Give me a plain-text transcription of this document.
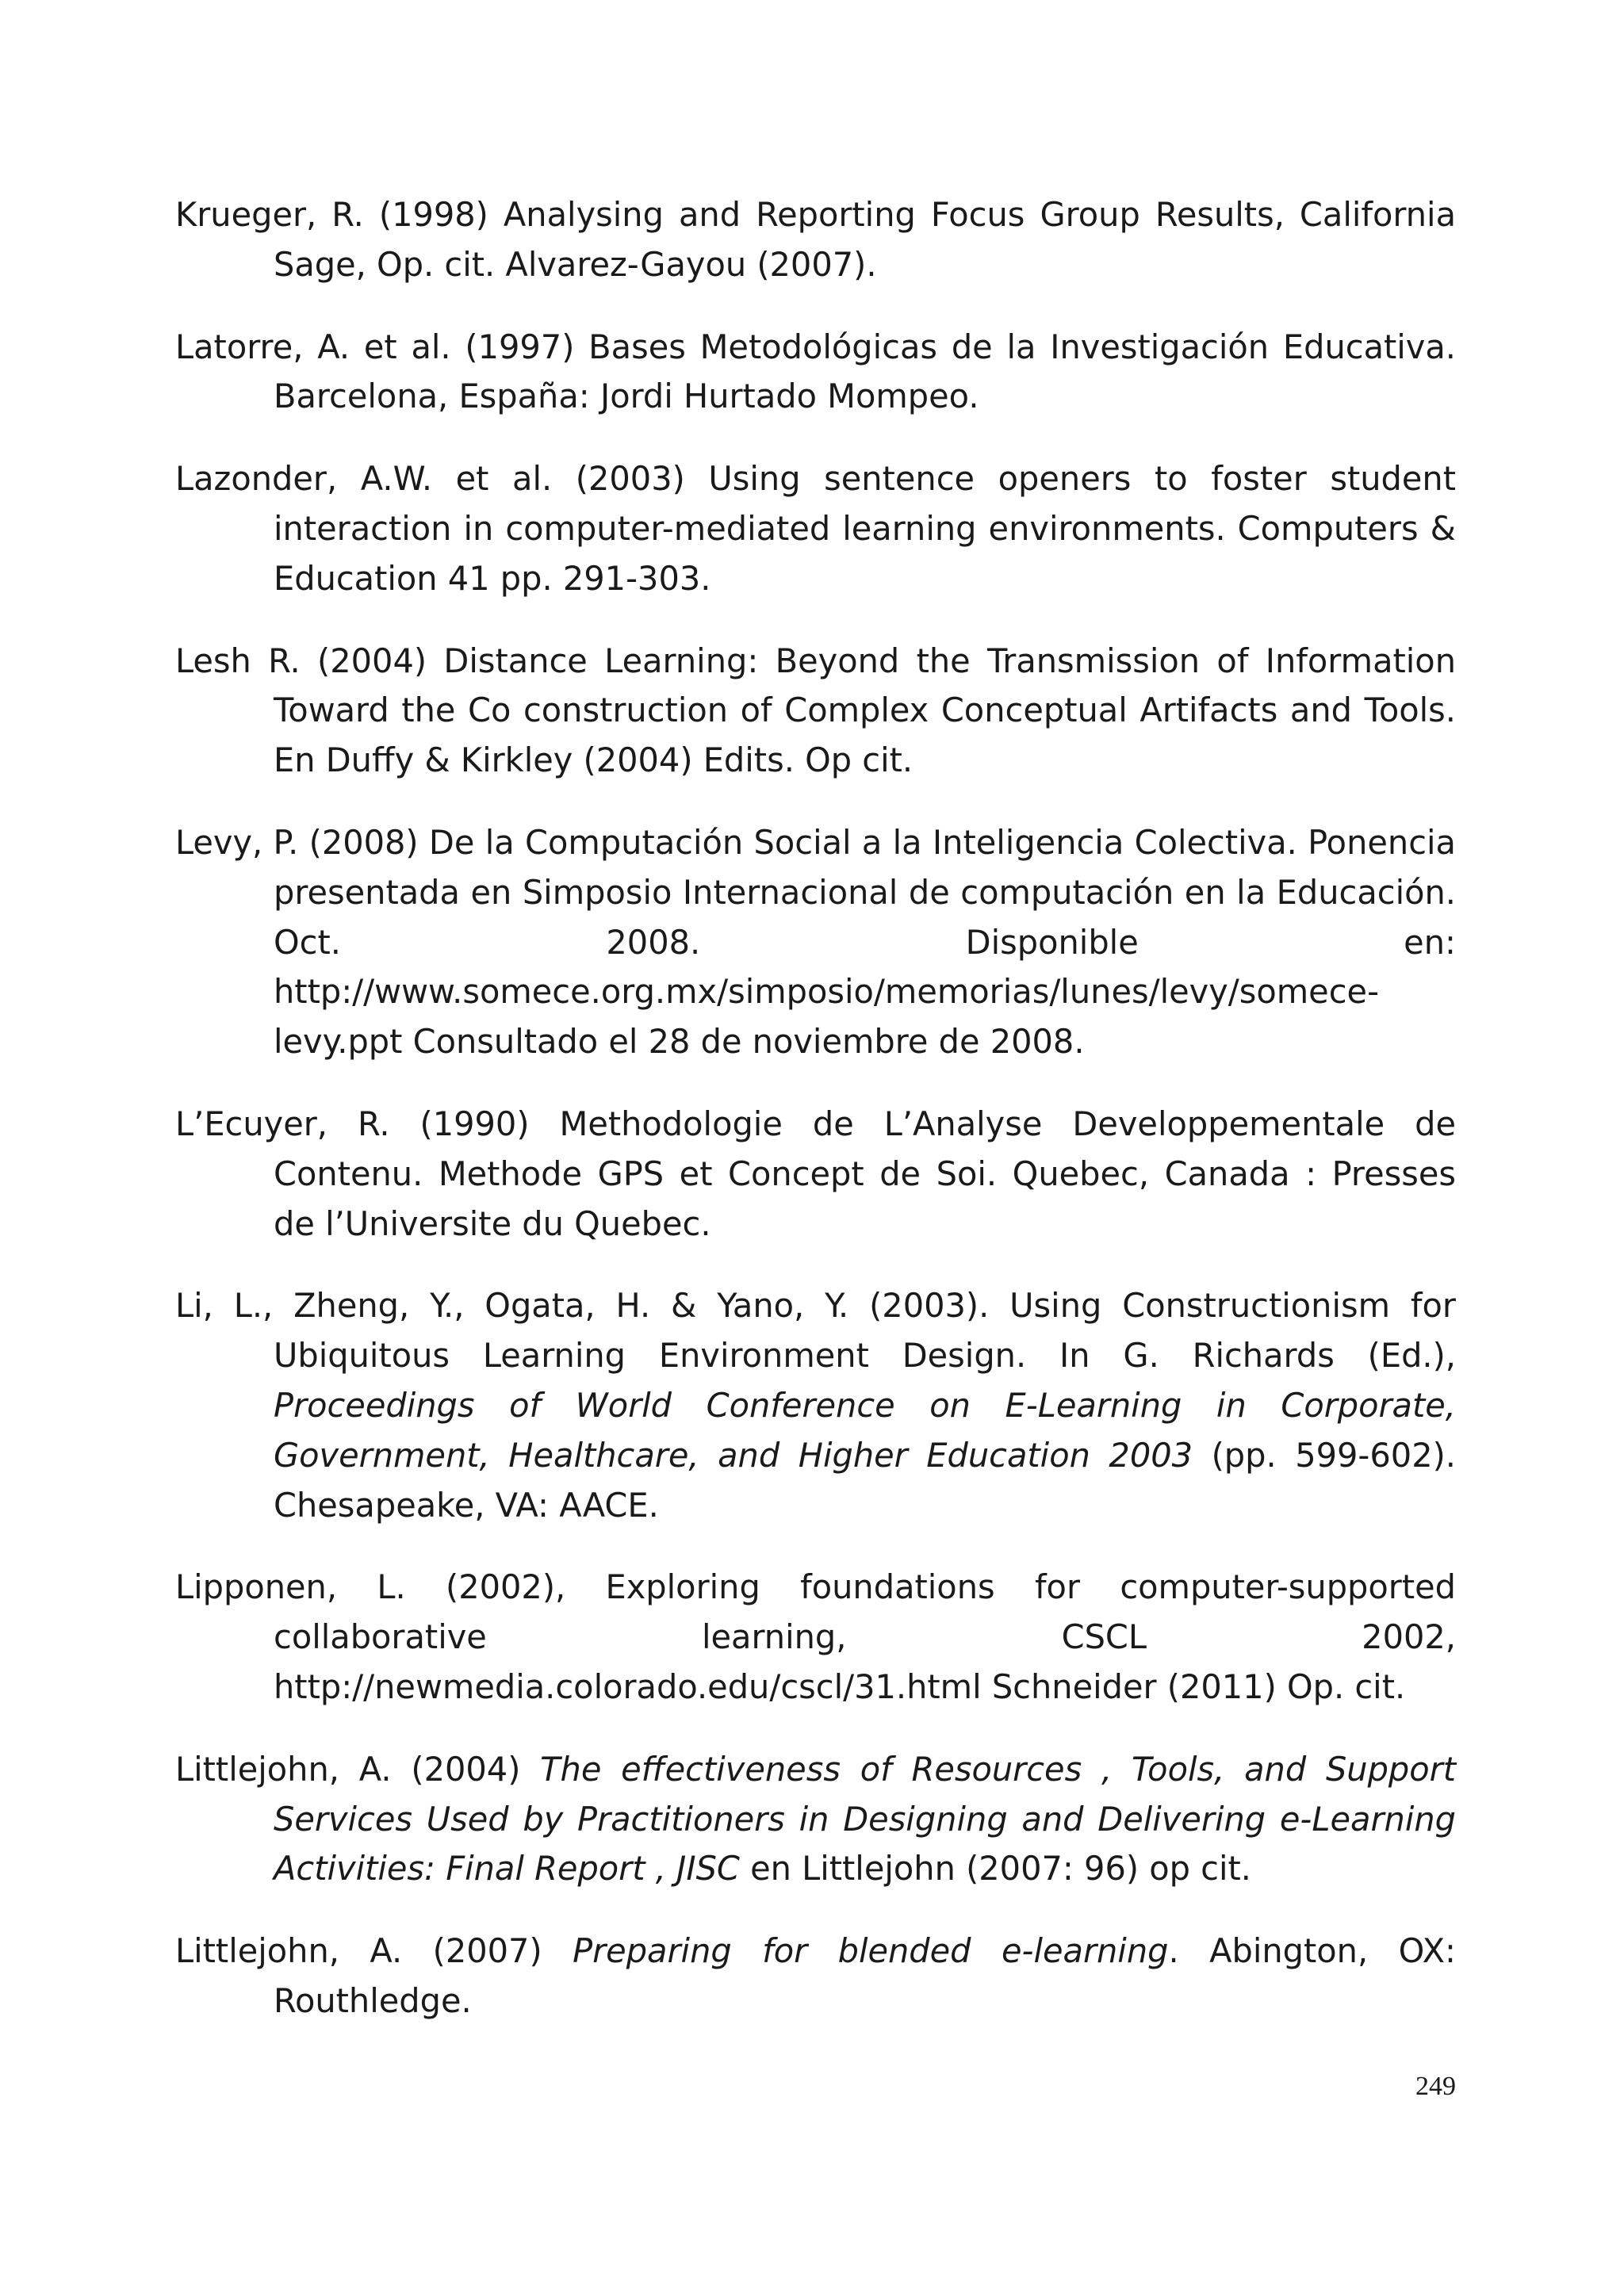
Krueger, R. (1998) Analysing and Reporting Focus Group Results, California Sage, Op. cit. Alvarez-Gayou (2007).

Latorre, A. et al. (1997) Bases Metodológicas de la Investigación Educativa. Barcelona, España: Jordi Hurtado Mompeo.

Lazonder, A.W. et al. (2003) Using sentence openers to foster student interaction in computer-mediated learning environments. Computers & Education 41 pp. 291-303.

Lesh R. (2004) Distance Learning: Beyond the Transmission of Information Toward the Co construction of Complex Conceptual Artifacts and Tools. En Duffy & Kirkley (2004) Edits. Op cit.

Levy, P. (2008) De la Computación Social a la Inteligencia Colectiva. Ponencia presentada en Simposio Internacional de computación en la Educación. Oct. 2008. Disponible en: http://www.somece.org.mx/simposio/memorias/lunes/levy/somece-levy.ppt Consultado el 28 de noviembre de 2008.

L’Ecuyer, R. (1990) Methodologie de L’Analyse Developpementale de Contenu. Methode GPS et Concept de Soi. Quebec, Canada : Presses de l’Universite du Quebec.

Li, L., Zheng, Y., Ogata, H. & Yano, Y. (2003). Using Constructionism for Ubiquitous Learning Environment Design. In G. Richards (Ed.), Proceedings of World Conference on E-Learning in Corporate, Government, Healthcare, and Higher Education 2003 (pp. 599-602). Chesapeake, VA: AACE.

Lipponen, L. (2002), Exploring foundations for computer-supported collaborative learning, CSCL 2002, http://newmedia.colorado.edu/cscl/31.html Schneider (2011) Op. cit.

Littlejohn, A. (2004) The effectiveness of Resources , Tools, and Support Services Used by Practitioners in Designing and Delivering e-Learning Activities: Final Report , JISC en Littlejohn (2007: 96) op cit.

Littlejohn, A. (2007) Preparing for blended e-learning. Abington, OX: Routhledge.

249
